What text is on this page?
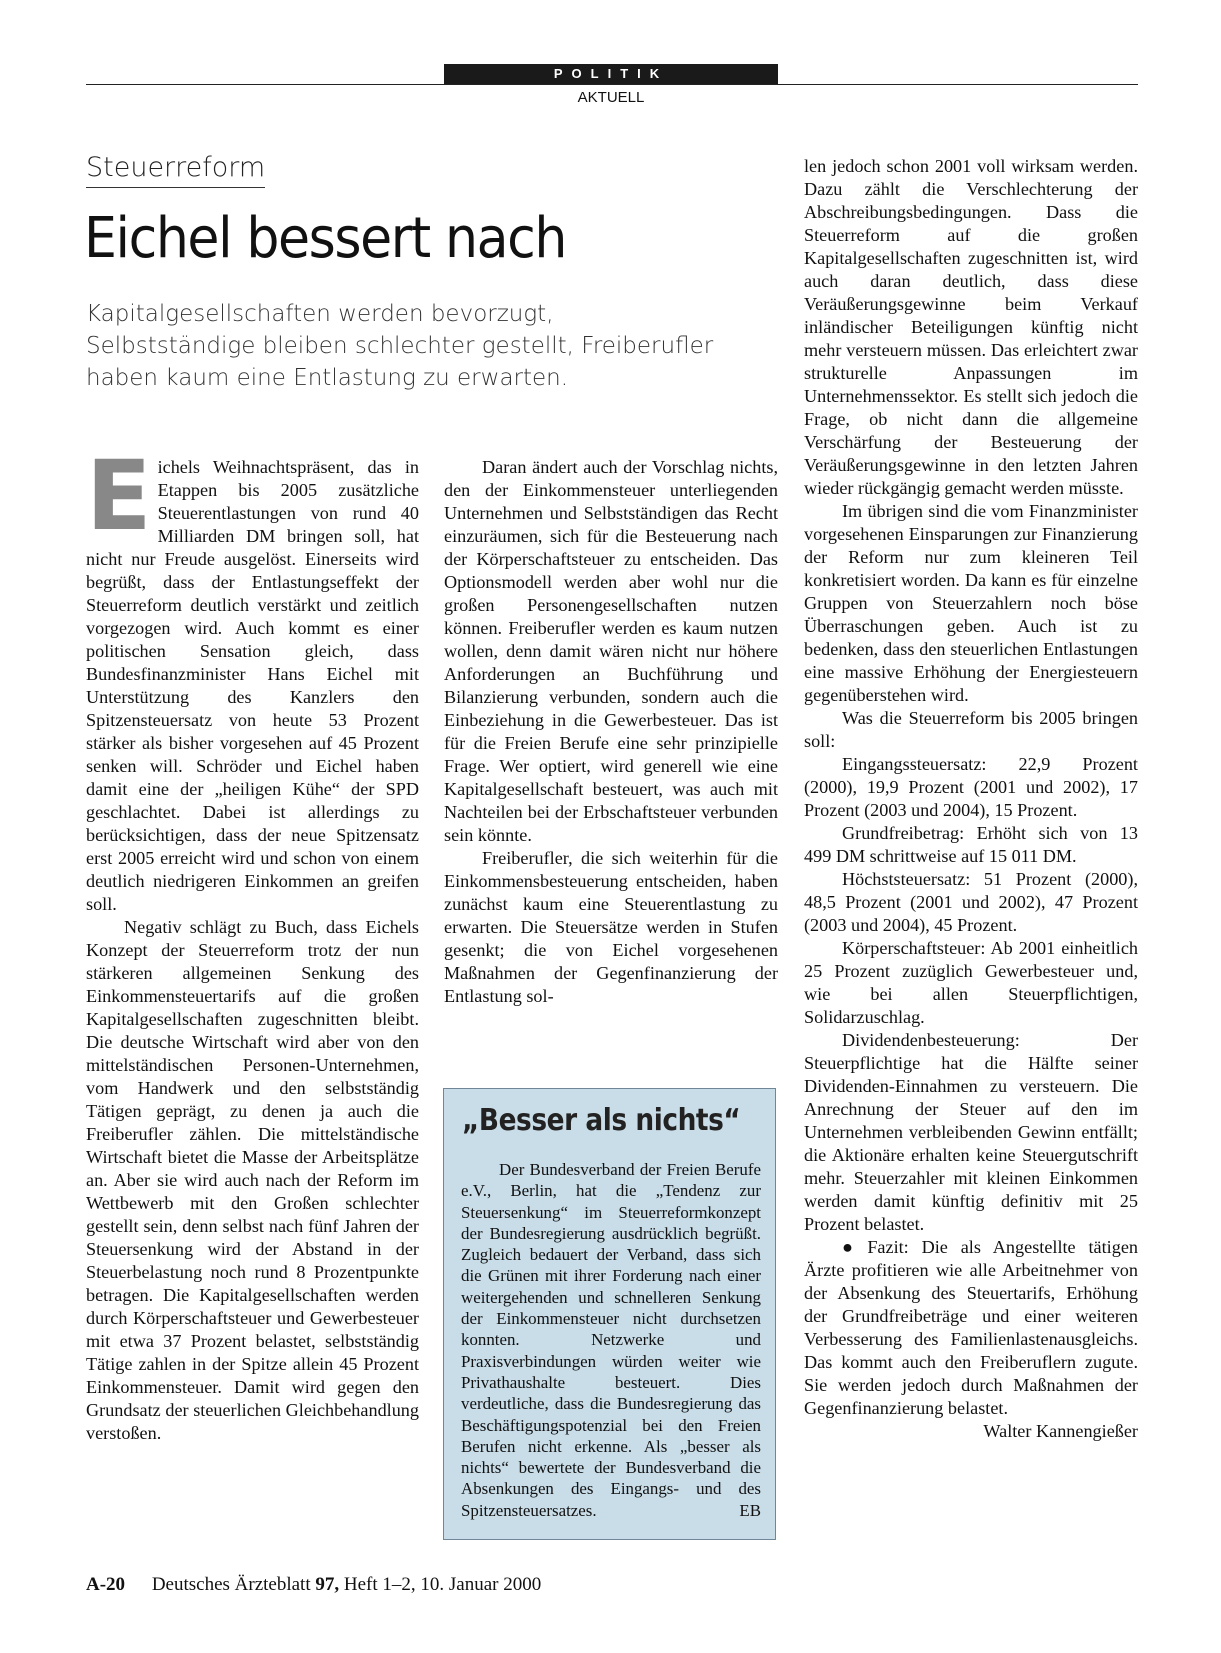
POLITIK
AKTUELL
Steuerreform
Eichel bessert nach

Kapitalgesellschaften werden bevorzugt, Selbstständige bleiben schlechter gestellt, Freiberufler haben kaum eine Entlastung zu erwarten.

Eichels Weihnachtspräsent, das in Etappen bis 2005 zusätzliche Steuerentlastungen von rund 40 Milliarden DM bringen soll, hat nicht nur Freude ausgelöst. Einerseits wird begrüßt, dass der Entlastungseffekt der Steuerreform deutlich verstärkt und zeitlich vorgezogen wird. Auch kommt es einer politischen Sensation gleich, dass Bundesfinanzminister Hans Eichel mit Unterstützung des Kanzlers den Spitzensteuersatz von heute 53 Prozent stärker als bisher vorgesehen auf 45 Prozent senken will. Schröder und Eichel haben damit eine der „heiligen Kühe“ der SPD geschlachtet. Dabei ist allerdings zu berücksichtigen, dass der neue Spitzensatz erst 2005 erreicht wird und schon von einem deutlich niedrigeren Einkommen an greifen soll.

Negativ schlägt zu Buch, dass Eichels Konzept der Steuerreform trotz der nun stärkeren allgemeinen Senkung des Einkommensteuertarifs auf die großen Kapitalgesellschaften zugeschnitten bleibt. Die deutsche Wirtschaft wird aber von den mittelständischen Personen-Unternehmen, vom Handwerk und den selbstständig Tätigen geprägt, zu denen ja auch die Freiberufler zählen. Die mittelständische Wirtschaft bietet die Masse der Arbeitsplätze an. Aber sie wird auch nach der Reform im Wettbewerb mit den Großen schlechter gestellt sein, denn selbst nach fünf Jahren der Steuersenkung wird der Abstand in der Steuerbelastung noch rund 8 Prozentpunkte betragen. Die Kapitalgesellschaften werden durch Körperschaftsteuer und Gewerbesteuer mit etwa 37 Prozent belastet, selbstständig Tätige zahlen in der Spitze allein 45 Prozent Einkommensteuer. Damit wird gegen den Grundsatz der steuerlichen Gleichbehandlung verstoßen.

Daran ändert auch der Vorschlag nichts, den der Einkommensteuer unterliegenden Unternehmen und Selbstständigen das Recht einzuräumen, sich für die Besteuerung nach der Körperschaftsteuer zu entscheiden. Das Optionsmodell werden aber wohl nur die großen Personengesellschaften nutzen können. Freiberufler werden es kaum nutzen wollen, denn damit wären nicht nur höhere Anforderungen an Buchführung und Bilanzierung verbunden, sondern auch die Einbeziehung in die Gewerbesteuer. Das ist für die Freien Berufe eine sehr prinzipielle Frage. Wer optiert, wird generell wie eine Kapitalgesellschaft besteuert, was auch mit Nachteilen bei der Erbschaftsteuer verbunden sein könnte.

Freiberufler, die sich weiterhin für die Einkommensbesteuerung entscheiden, haben zunächst kaum eine Steuerentlastung zu erwarten. Die Steuersätze werden in Stufen gesenkt; die von Eichel vorgesehenen Maßnahmen der Gegenfinanzierung der Entlastung sol-

„Besser als nichts“

Der Bundesverband der Freien Berufe e.V., Berlin, hat die „Tendenz zur Steuersenkung“ im Steuerreformkonzept der Bundesregierung ausdrücklich begrüßt. Zugleich bedauert der Verband, dass sich die Grünen mit ihrer Forderung nach einer weitergehenden und schnelleren Senkung der Einkommensteuer nicht durchsetzen konnten. Netzwerke und Praxisverbindungen würden weiter wie Privathaushalte besteuert. Dies verdeutliche, dass die Bundesregierung das Beschäftigungspotenzial bei den Freien Berufen nicht erkenne. Als „besser als nichts“ bewertete der Bundesverband die Absenkungen des Eingangs- und des Spitzensteuersatzes.	EB

len jedoch schon 2001 voll wirksam werden. Dazu zählt die Verschlechterung der Abschreibungsbedingungen. Dass die Steuerreform auf die großen Kapitalgesellschaften zugeschnitten ist, wird auch daran deutlich, dass diese Veräußerungsgewinne beim Verkauf inländischer Beteiligungen künftig nicht mehr versteuern müssen. Das erleichtert zwar strukturelle Anpassungen im Unternehmenssektor. Es stellt sich jedoch die Frage, ob nicht dann die allgemeine Verschärfung der Besteuerung der Veräußerungsgewinne in den letzten Jahren wieder rückgängig gemacht werden müsste.

Im übrigen sind die vom Finanzminister vorgesehenen Einsparungen zur Finanzierung der Reform nur zum kleineren Teil konkretisiert worden. Da kann es für einzelne Gruppen von Steuerzahlern noch böse Überraschungen geben. Auch ist zu bedenken, dass den steuerlichen Entlastungen eine massive Erhöhung der Energiesteuern gegenüberstehen wird.

Was die Steuerreform bis 2005 bringen soll:

Eingangssteuersatz: 22,9 Prozent (2000), 19,9 Prozent (2001 und 2002), 17 Prozent (2003 und 2004), 15 Prozent.

Grundfreibetrag: Erhöht sich von 13 499 DM schrittweise auf 15 011 DM.

Höchststeuersatz: 51 Prozent (2000), 48,5 Prozent (2001 und 2002), 47 Prozent (2003 und 2004), 45 Prozent.

Körperschaftsteuer: Ab 2001 einheitlich 25 Prozent zuzüglich Gewerbesteuer und, wie bei allen Steuerpflichtigen, Solidarzuschlag.

Dividendenbesteuerung: Der Steuerpflichtige hat die Hälfte seiner Dividenden-Einnahmen zu versteuern. Die Anrechnung der Steuer auf den im Unternehmen verbleibenden Gewinn entfällt; die Aktionäre erhalten keine Steuergutschrift mehr. Steuerzahler mit kleinen Einkommen werden damit künftig definitiv mit 25 Prozent belastet.

● Fazit: Die als Angestellte tätigen Ärzte profitieren wie alle Arbeitnehmer von der Absenkung des Steuertarifs, Erhöhung der Grundfreibeträge und einer weiteren Verbesserung des Familienlastenausgleichs. Das kommt auch den Freiberuflern zugute. Sie werden jedoch durch Maßnahmen der Gegenfinanzierung belastet.
Walter Kannengießer

A-20 Deutsches Ärzteblatt 97, Heft 1–2, 10. Januar 2000
